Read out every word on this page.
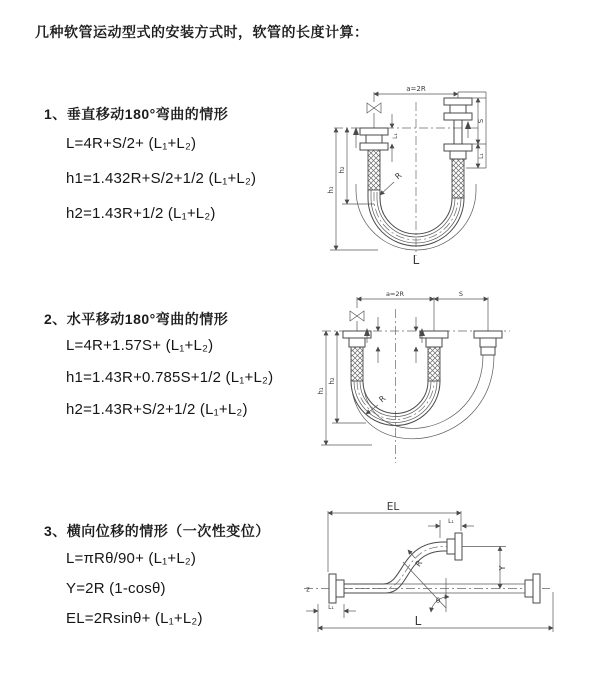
几种软管运动型式的安装方式时，软管的长度计算：
1、垂直移动180°弯曲的情形
L=4R+S/2+ (L₁+L₂)
h1=1.432R+S/2+1/2 (L₁+L₂)
h2=1.43R+1/2 (L₁+L₂)
2、水平移动180°弯曲的情形
L=4R+1.57S+ (L₁+L₂)
h1=1.43R+0.785S+1/2 (L₁+L₂)
h2=1.43R+S/2+1/2 (L₁+L₂)
3、横向位移的情形（一次性变位）
L=πRθ/90+ (L₁+L₂)
Y=2R (1-cosθ)
EL=2Rsinθ+ (L₁+L₂)
a=2R
h₁
h₂
L₁
S
L₁
R
L
a=2R	S
h₁
h₂
R
z
EL
L₁
Y
R
θ
L₁
L
